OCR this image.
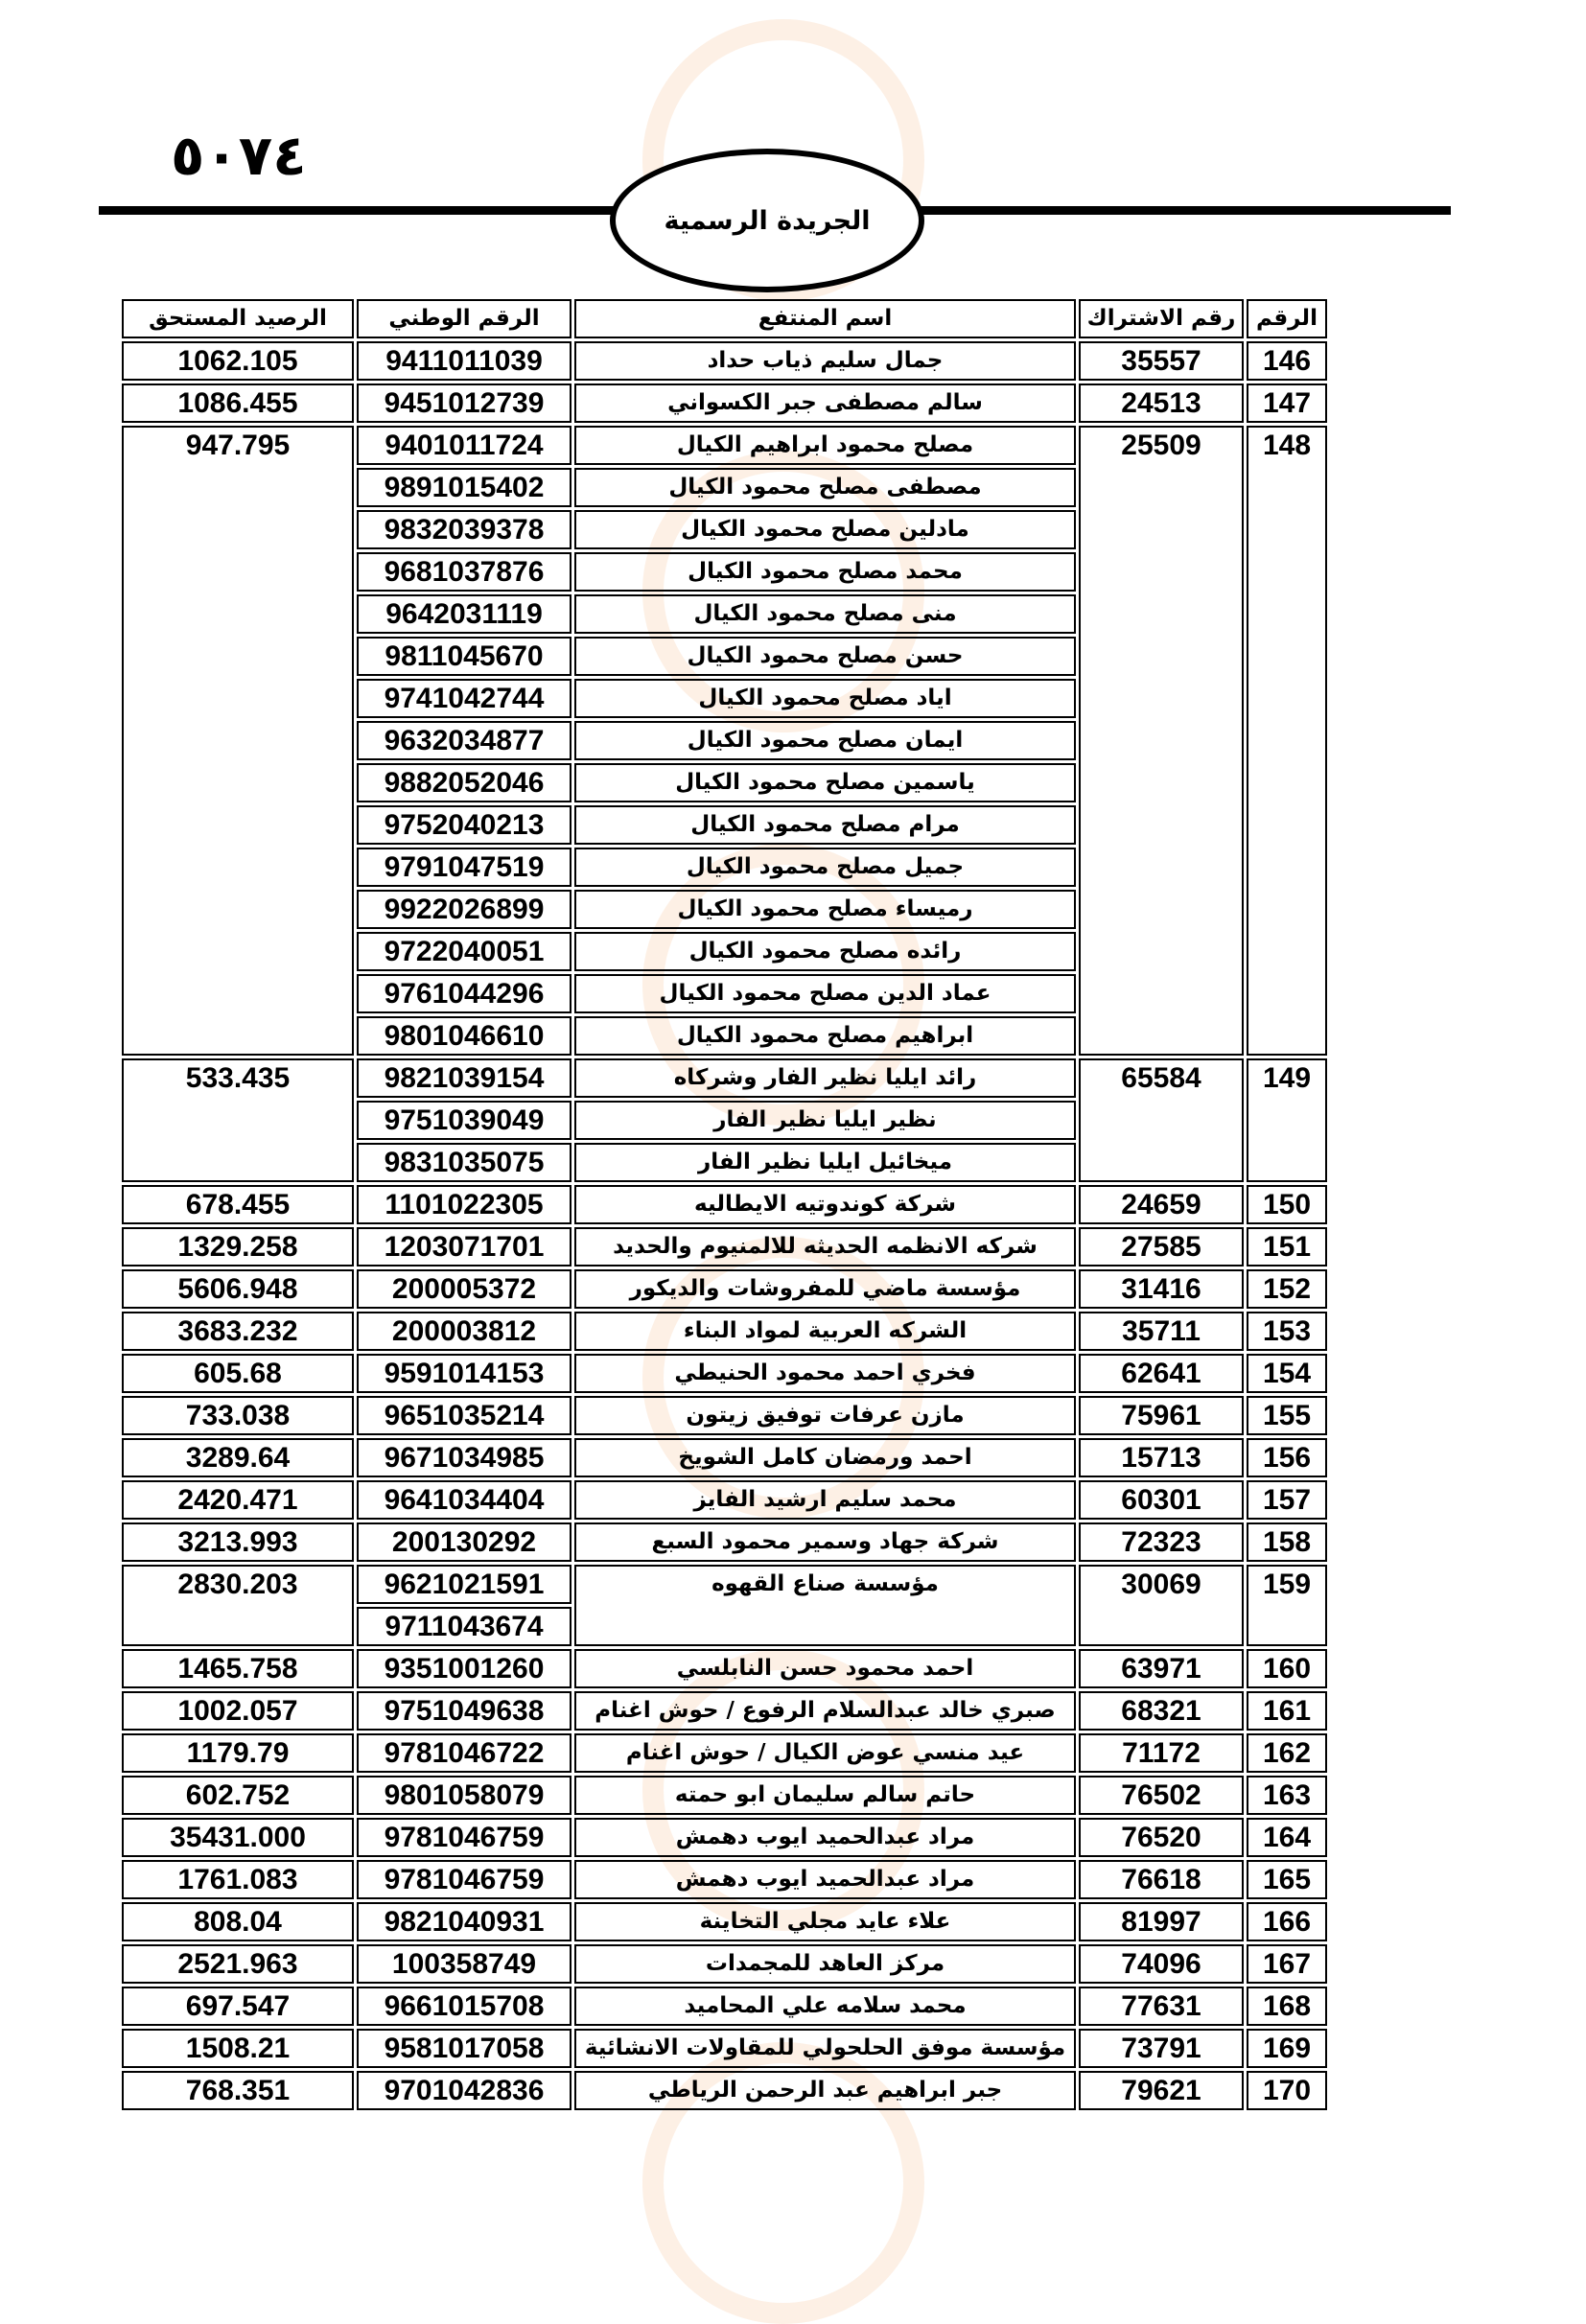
٥٠٧٤
الجريدة الرسمية
الرقم	رقم الاشتراك	اسم المنتفع	الرقم الوطني	الرصيد المستحق
146	35557	جمال سليم ذياب حداد	9411011039	1062.105
147	24513	سالم مصطفى جبر الكسواني	9451012739	1086.455
148	25509	مصلح محمود ابراهيم الكيال	9401011724	947.795
		مصطفى مصلح محمود الكيال	9891015402	
		مادلين مصلح محمود الكيال	9832039378	
		محمد مصلح محمود الكيال	9681037876	
		منى مصلح محمود الكيال	9642031119	
		حسن مصلح محمود الكيال	9811045670	
		اياد مصلح محمود الكيال	9741042744	
		ايمان مصلح محمود الكيال	9632034877	
		ياسمين مصلح محمود الكيال	9882052046	
		مرام مصلح محمود الكيال	9752040213	
		جميل مصلح محمود الكيال	9791047519	
		رميساء مصلح محمود الكيال	9922026899	
		رائده مصلح محمود الكيال	9722040051	
		عماد الدين مصلح محمود الكيال	9761044296	
		ابراهيم مصلح محمود الكيال	9801046610	
149	65584	رائد ايليا نظير الفار وشركاه	9821039154	533.435
		نظير ايليا نظير الفار	9751039049	
		ميخائيل ايليا نظير الفار	9831035075	
150	24659	شركة كوندوتيه الايطاليه	1101022305	678.455
151	27585	شركه الانظمه الحديثه للالمنيوم والحديد	1203071701	1329.258
152	31416	مؤسسة ماضي للمفروشات والديكور	200005372	5606.948
153	35711	الشركه العربية لمواد البناء	200003812	3683.232
154	62641	فخري احمد محمود الحنيطي	9591014153	605.68
155	75961	مازن عرفات توفيق زيتون	9651035214	733.038
156	15713	احمد ورمضان كامل الشويخ	9671034985	3289.64
157	60301	محمد سليم ارشيد الفايز	9641034404	2420.471
158	72323	شركة جهاد وسمير محمود السبع	200130292	3213.993
159	30069	مؤسسة صناع القهوه	9621021591	2830.203
			9711043674	
160	63971	احمد محمود حسن النابلسي	9351001260	1465.758
161	68321	صبري خالد عبدالسلام الرفوع / حوش اغنام	9751049638	1002.057
162	71172	عيد منسي عوض الكيال / حوش اغنام	9781046722	1179.79
163	76502	حاتم سالم سليمان ابو حمته	9801058079	602.752
164	76520	مراد عبدالحميد ايوب دهمش	9781046759	35431.000
165	76618	مراد عبدالحميد ايوب دهمش	9781046759	1761.083
166	81997	علاء عايد مجلي التخاينة	9821040931	808.04
167	74096	مركز العاهد للمجمدات	100358749	2521.963
168	77631	محمد سلامه علي المحاميد	9661015708	697.547
169	73791	مؤسسة موفق الحلحولي للمقاولات الانشائية	9581017058	1508.21
170	79621	جبر ابراهيم عبد الرحمن الرياطي	9701042836	768.351
